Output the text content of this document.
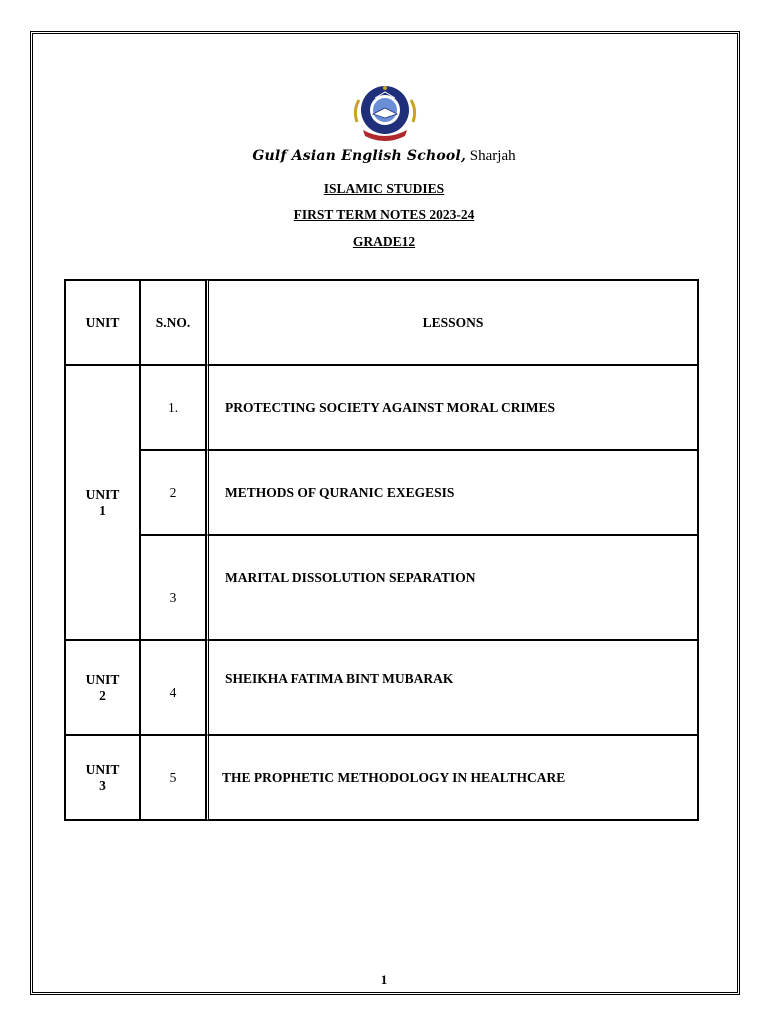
Gulf Asian English School, Sharjah
ISLAMIC STUDIES
FIRST TERM NOTES 2023-24
GRADE12
UNIT	S.NO.	LESSONS

UNIT
1	1.	PROTECTING SOCIETY AGAINST MORAL CRIMES
	2	METHODS OF QURANIC EXEGESIS
	3	MARITAL DISSOLUTION SEPARATION

UNIT
2	4	SHEIKHA FATIMA BINT MUBARAK

UNIT
3	5	THE PROPHETIC METHODOLOGY IN HEALTHCARE
1
